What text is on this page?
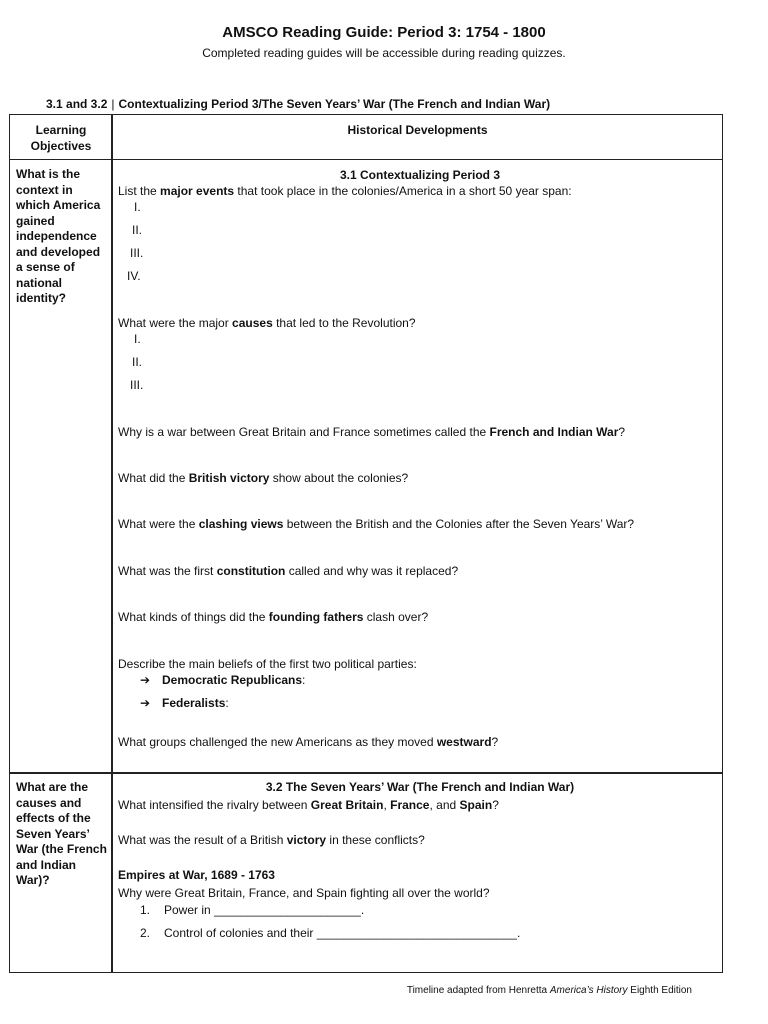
AMSCO Reading Guide: Period 3: 1754 - 1800
Completed reading guides will be accessible during reading quizzes.
3.1 and 3.2 | Contextualizing Period 3/The Seven Years’ War (The French and Indian War)
Learning Objectives
Historical Developments
What is the context in which America gained independence and developed a sense of national identity?
3.1 Contextualizing Period 3
List the major events that took place in the colonies/America in a short 50 year span:
I.
II.
III.
IV.
What were the major causes that led to the Revolution?
I.
II.
III.
Why is a war between Great Britain and France sometimes called the French and Indian War?
What did the British victory show about the colonies?
What were the clashing views between the British and the Colonies after the Seven Years’ War?
What was the first constitution called and why was it replaced?
What kinds of things did the founding fathers clash over?
Describe the main beliefs of the first two political parties:
➔ Democratic Republicans:
➔ Federalists:
What groups challenged the new Americans as they moved westward?
What are the causes and effects of the Seven Years’ War (the French and Indian War)?
3.2 The Seven Years’ War (The French and Indian War)
What intensified the rivalry between Great Britain, France, and Spain?
What was the result of a British victory in these conflicts?
Empires at War, 1689 - 1763
Why were Great Britain, France, and Spain fighting all over the world?
1. Power in ______________________.
2. Control of colonies and their ______________________________.
Timeline adapted from Henretta America’s History Eighth Edition
